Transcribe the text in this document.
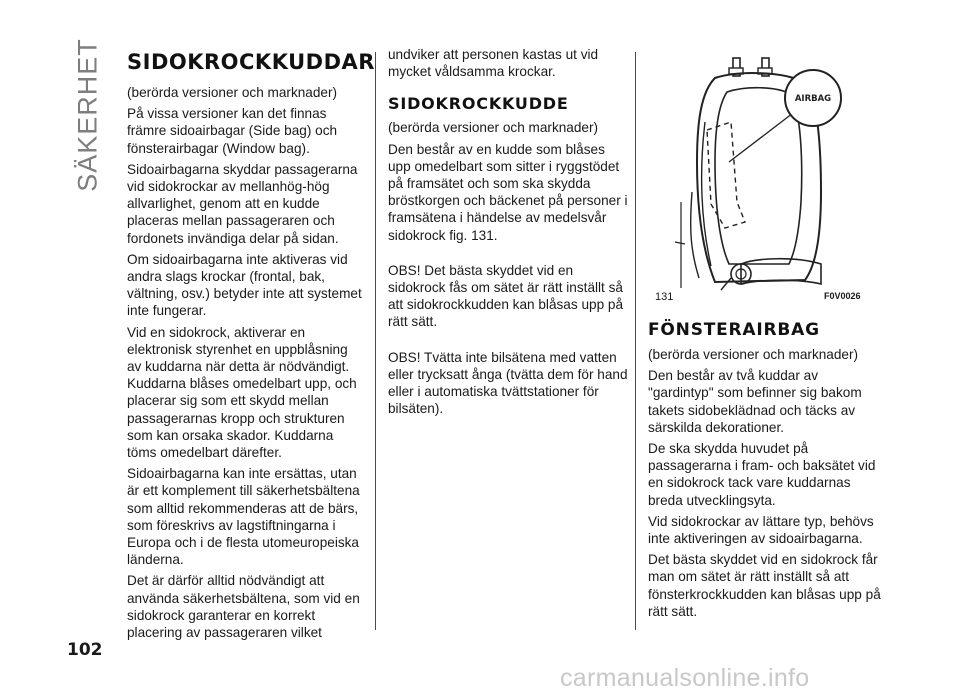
SÄKERHET SIDOKROCKKUDDAR

(berörda versioner och marknader)

På vissa versioner kan det finnas främre sidoairbagar (Side bag) och fönsterairbagar (Window bag).

Sidoairbagarna skyddar passagerarna vid sidokrockar av mellanhög-hög allvarlighet, genom att en kudde placeras mellan passageraren och fordonets invändiga delar på sidan.

Om sidoairbagarna inte aktiveras vid andra slags krockar (frontal, bak, vältning, osv.) betyder inte att systemet inte fungerar.

Vid en sidokrock, aktiverar en elektronisk styrenhet en uppblåsning av kuddarna när detta är nödvändigt. Kuddarna blåses omedelbart upp, och placerar sig som ett skydd mellan passagerarnas kropp och strukturen som kan orsaka skador. Kuddarna töms omedelbart därefter.

Sidoairbagarna kan inte ersättas, utan är ett komplement till säkerhetsbältena som alltid rekommenderas att de bärs, som föreskrivs av lagstiftningarna i Europa och i de flesta utomeuropeiska länderna.

Det är därför alltid nödvändigt att använda säkerhetsbältena, som vid en sidokrock garanterar en korrekt placering av passageraren vilket

undviker att personen kastas ut vid mycket våldsamma krockar.

SIDOKROCKKUDDE

(berörda versioner och marknader)

Den består av en kudde som blåses upp omedelbart som sitter i ryggstödet på framsätet och som ska skydda bröstkorgen och bäckenet på personer i framsätena i händelse av medelsvår sidokrock fig. 131.

OBS! Det bästa skyddet vid en sidokrock fås om sätet är rätt inställt så att sidokrockkudden kan blåsas upp på rätt sätt.

OBS! Tvätta inte bilsätena med vatten eller trycksatt ånga (tvätta dem för hand eller i automatiska tvättstationer för bilsäten).

AIRBAG
131	F0V0026
FÖNSTERAIRBAG

(berörda versioner och marknader)

Den består av två kuddar av "gardintyp" som befinner sig bakom takets sidobeklädnad och täcks av särskilda dekorationer.

De ska skydda huvudet på passagerarna i fram- och baksätet vid en sidokrock tack vare kuddarnas breda utvecklingsyta.

Vid sidokrockar av lättare typ, behövs inte aktiveringen av sidoairbagarna.

Det bästa skyddet vid en sidokrock får man om sätet är rätt inställt så att fönsterkrockkudden kan blåsas upp på rätt sätt.

102
carmanualsonline.info
